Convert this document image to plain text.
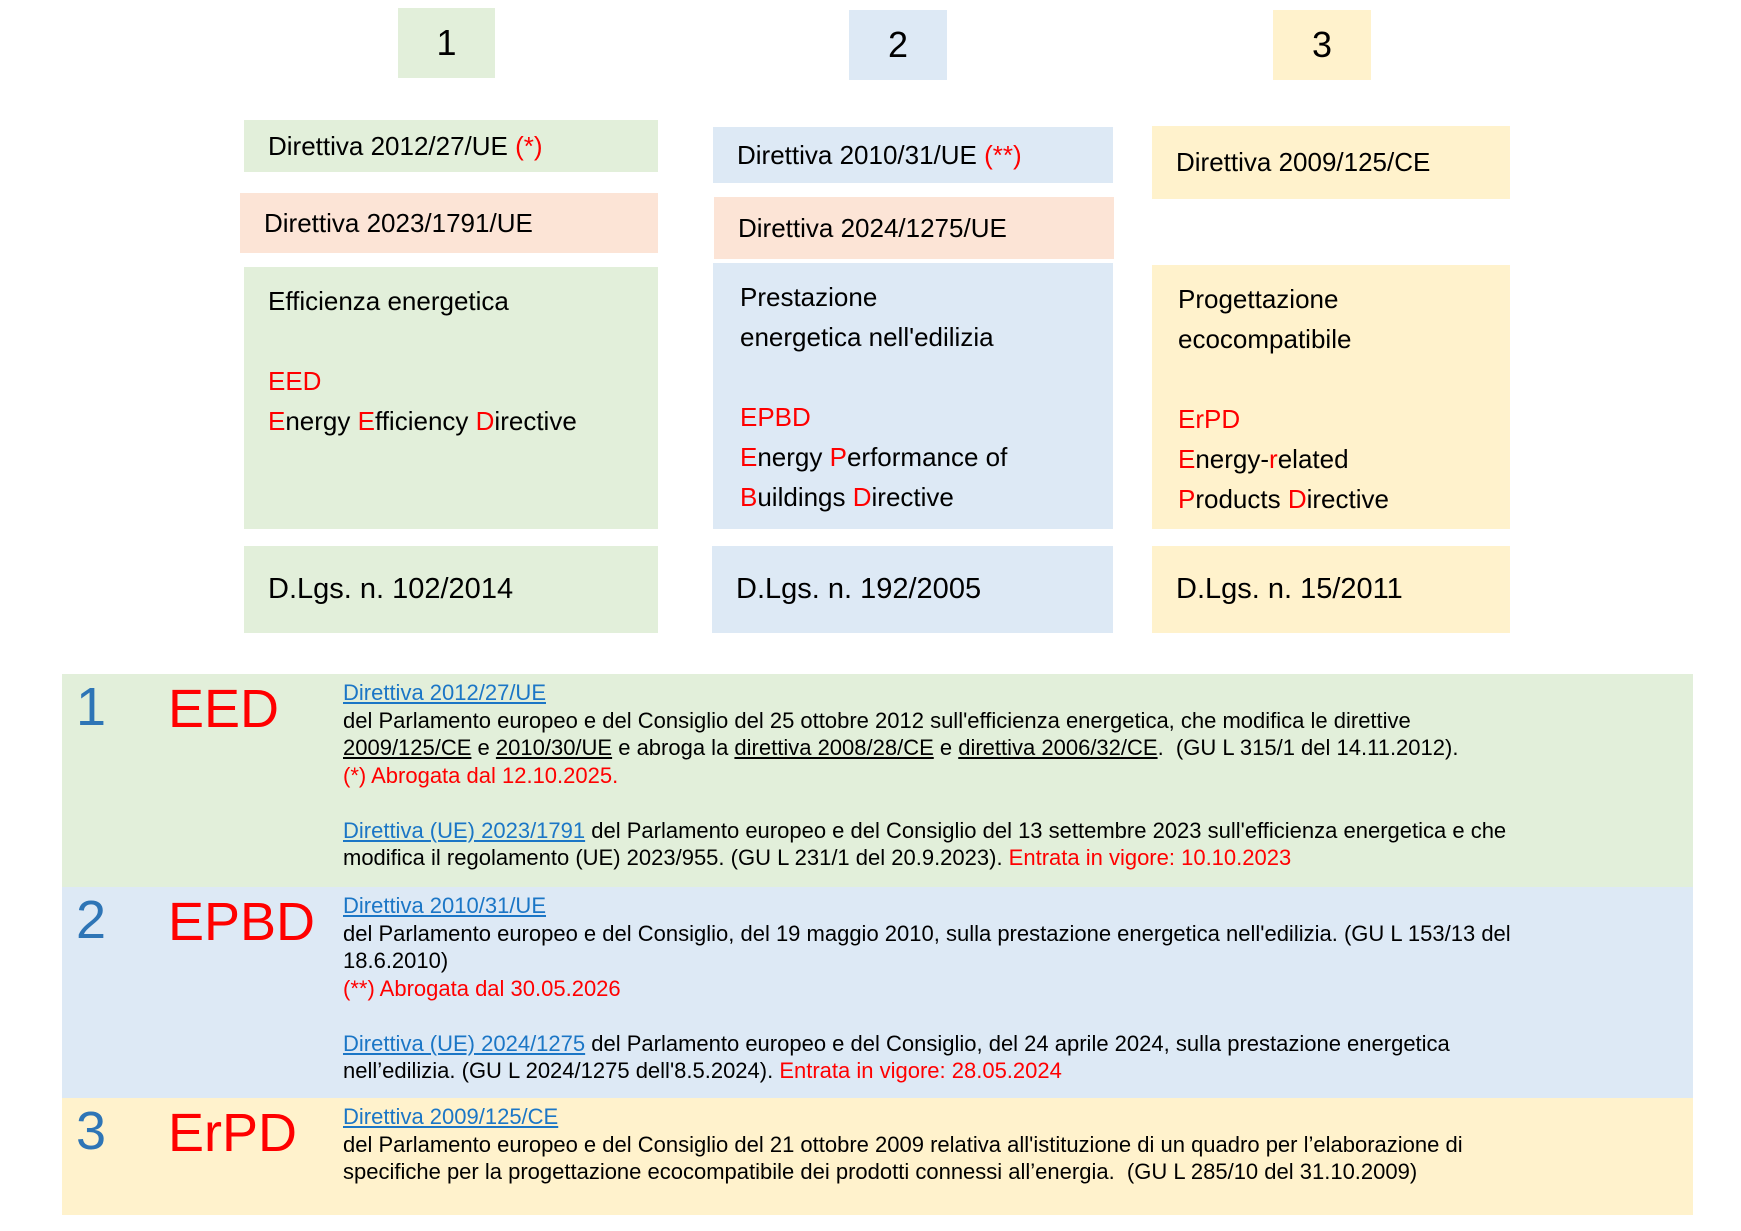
1
Direttiva 2012/27/UE (*)
Direttiva 2023/1791/UE
Efficienza energetica

EED
Energy Efficiency Directive
D.Lgs. n. 102/2014
2
Direttiva 2010/31/UE (**)
Direttiva 2024/1275/UE
Prestazione
energetica nell'edilizia

EPBD
Energy Performance of
Buildings Directive
D.Lgs. n. 192/2005
3
Direttiva 2009/125/CE
Progettazione
ecocompatibile

ErPD
Energy-related
Products Directive
D.Lgs. n. 15/2011
1 EED	Direttiva 2012/27/UE
del Parlamento europeo e del Consiglio del 25 ottobre 2012 sull'efficienza energetica, che modifica le direttive
2009/125/CE e 2010/30/UE e abroga la direttiva 2008/28/CE e direttiva 2006/32/CE.  (GU L 315/1 del 14.11.2012).
(*) Abrogata dal 12.10.2025.

Direttiva (UE) 2023/1791 del Parlamento europeo e del Consiglio del 13 settembre 2023 sull'efficienza energetica e che
modifica il regolamento (UE) 2023/955. (GU L 231/1 del 20.9.2023). Entrata in vigore: 10.10.2023
2 EPBD Direttiva 2010/31/UE
del Parlamento europeo e del Consiglio, del 19 maggio 2010, sulla prestazione energetica nell'edilizia. (GU L 153/13 del
18.6.2010)
(**) Abrogata dal 30.05.2026

Direttiva (UE) 2024/1275 del Parlamento europeo e del Consiglio, del 24 aprile 2024, sulla prestazione energetica
nell’edilizia. (GU L 2024/1275 dell'8.5.2024). Entrata in vigore: 28.05.2024
3 ErPD Direttiva 2009/125/CE
del Parlamento europeo e del Consiglio del 21 ottobre 2009 relativa all'istituzione di un quadro per l’elaborazione di
specifiche per la progettazione ecocompatibile dei prodotti connessi all’energia.  (GU L 285/10 del 31.10.2009)
